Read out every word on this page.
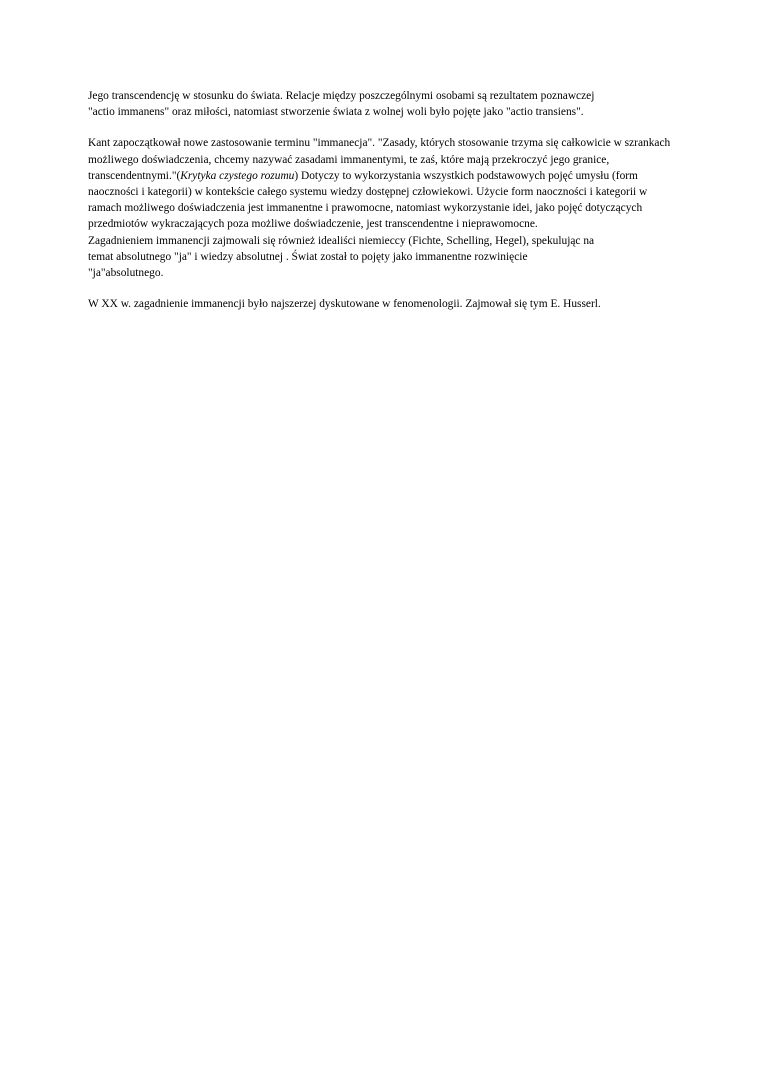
Jego transcendencję w stosunku do świata. Relacje między poszczególnymi osobami są rezultatem poznawczej
"actio immanens" oraz miłości, natomiast stworzenie świata z wolnej woli było pojęte jako "actio transiens".
Kant zapoczątkował nowe zastosowanie terminu "immanecja". "Zasady, których stosowanie trzyma się całkowicie w szrankach możliwego doświadczenia, chcemy nazywać zasadami immanentymi, te zaś, które mają przekroczyć jego granice, transcendentnymi."(Krytyka czystego rozumu) Dotyczy to wykorzystania wszystkich podstawowych pojęć umysłu (form naoczności i kategorii) w kontekście całego systemu wiedzy dostępnej człowiekowi. Użycie form naoczności i kategorii w ramach możliwego doświadczenia jest immanentne i prawomocne, natomiast wykorzystanie idei, jako pojęć dotyczących przedmiotów wykraczających poza możliwe doświadczenie, jest transcendentne i nieprawomocne.
Zagadnieniem immanencji zajmowali się również idealiści niemieccy (Fichte, Schelling, Hegel), spekulując na
temat absolutnego "ja" i wiedzy absolutnej . Świat został to pojęty jako immanentne rozwinięcie
"ja"absolutnego.
W XX w. zagadnienie immanencji było najszerzej dyskutowane w fenomenologii. Zajmował się tym E. Husserl.
